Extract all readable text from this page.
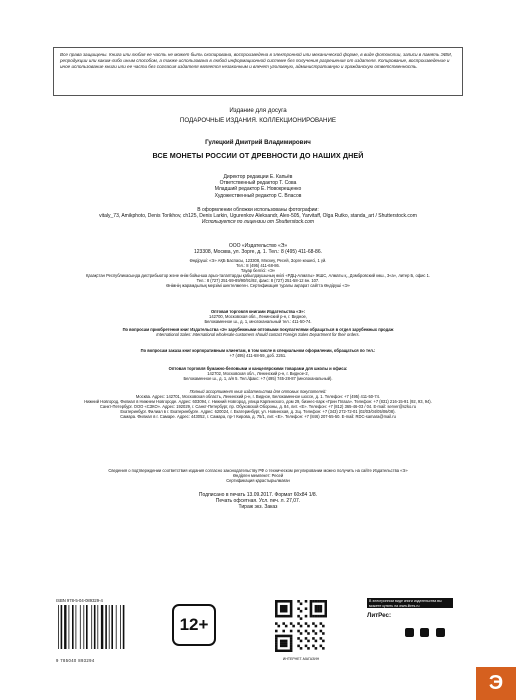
Все права защищены. Книга или любая ее часть не может быть скопирована, воспроизведена в электронной или механической форме, в виде фотокопии, записи в память ЭВМ, репродукции или каким-либо иным способом, а также использована в любой информационной системе без получения разрешения от издателя. Копирование, воспроизведение и иное использование книги или ее части без согласия издателя является незаконным и влечет уголовную, административную и гражданскую ответственность.
Издание для досуга
ПОДАРОЧНЫЕ ИЗДАНИЯ. КОЛЛЕКЦИОНИРОВАНИЕ
Гулецкий Дмитрий Владимирович
ВСЕ МОНЕТЫ РОССИИ ОТ ДРЕВНОСТИ ДО НАШИХ ДНЕЙ
Директор редакции Е. Капьёв
Ответственный редактор Т. Сова
Младший редактор Е. Новокрещенко
Художественный редактор С. Власов
В оформлении обложки использованы фотографии:
vitaly_73, Amikphoto, Denis Torikhov, ch125, Denis Larkin, Ugurenkov Aleksandr, Alex-505, Yarvitaff, Olga Rutko, standa_art / Shutterstock.com
Используется по лицензии от Shutterstock.com
ООО «Издательство «Э»
123308, Москва, ул. Зорге, д. 1. Тел.: 8 (495) 411-68-86.
Өндіруші: «Э» АҚБ Баспасы, 123308, Мәскеу, Ресей, Зорге көшесі, 1 үй.
Тел.: 8 (495) 411-68-86.
Тауар белгісі: «Э»
Қазақстан Республикасында дистрибьютор және өнім бойынша арыз-талаптарды қабылдаушының өкілі «РДЦ-Алматы» ЖШС, Алматы қ., Домбровский көш., 3«а», литер Б, офис 1.
Тел.: 8 (727) 251-59-89/90/91/92, факс: 8 (727) 251-58-12 вн. 107.
Өнімнің жарамдылық мерзімі шектелмеген. Сертификация туралы ақпарат сайтта Өндіруші «Э»
Оптовая торговля книгами Издательства «Э»:
142700, Московская обл., Ленинский р-н, г. Видное,
Белокаменное ш., д. 1, многоканальный тел.: 411-50-74.
По вопросам приобретения книг Издательства «Э» зарубежными оптовыми покупателями обращаться в отдел зарубежных продаж
International Sales: International wholesale customers should contact Foreign Sales Department for their orders.
По вопросам заказа книг корпоративным клиентам, в том числе в специальном оформлении, обращаться по тел.:
+7 (495) 411-68-59, доб. 2261.
Оптовая торговля бумажно-беловыми и канцелярскими товарами для школы и офиса:
142702, Московская обл., Ленинский р-н, г. Видное-2,
Белокаменное ш., д. 1, а/я 5. Тел./факс: +7 (495) 745-28-87 (многоканальный).
Полный ассортимент книг издательства для оптовых покупателей:
Москва. Адрес: 142701, Московская область, Ленинский р-н, г. Видное, Белокаменное шоссе, д. 1. Телефон: +7 (495) 411-50-74.
Нижний Новгород. Филиал в Нижнем Новгороде. Адрес: 603094, г. Нижний Новгород, улица Карпинского, дом 29, бизнес-парк «Грин Плаза». Телефон: +7 (831) 216-15-91 (92, 93, 94).
Санкт-Петербург. ООО «СЗКО». Адрес: 192029, г. Санкт-Петербург, пр. Обуховской Обороны, д. 84, лит. «Е». Телефон: +7 (812) 365-46-03 / 04. E-mail: server@szko.ru
Екатеринбург. Филиал в г. Екатеринбурге. Адрес: 620024, г. Екатеринбург, ул. Новинская, д. 2щ. Телефон: +7 (343) 272-72-01 (02/03/04/05/06/08).
Самара. Филиал в г. Самаре. Адрес: 443052, г. Самара, пр-т Кирова, д. 75/1, лит. «Е». Телефон: +7 (846) 207-55-50. E-mail: RDC-samara@mail.ru
Сведения о подтверждении соответствия издания согласно законодательству РФ о техническом регулировании можно получить на сайте Издательства «Э»
Өндірген мемлекет: Ресей
Сертификация қарастырылмаған
Подписано в печать 13.09.2017. Формат 60x84 1/8.
Печать офсетная. Усл. печ. л. 27,07.
Тираж экз. Заказ
ISBN 978-5-04-089329-4
9 785040 893294
12+
ИНТЕРНЕТ-МАГАЗИН
В электронном виде книги издательства вы можете купить на www.litres.ru
ЛитРес:

Э
